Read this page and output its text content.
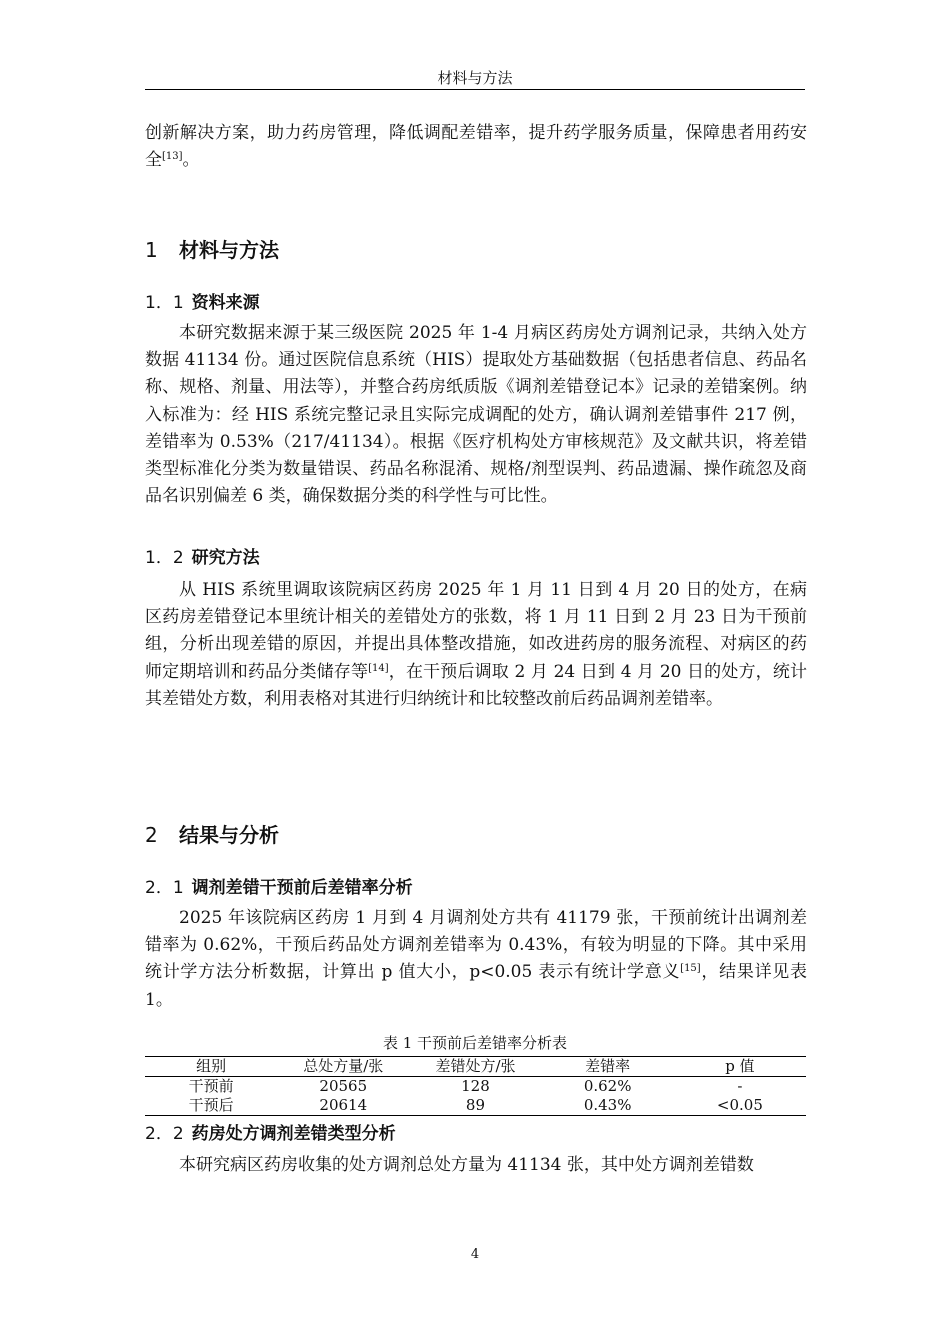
材料与方法

创新解决方案，助力药房管理，降低调配差错率，提升药学服务质量，保障患者用药安全[13]。

1 材料与方法
1．1 资料来源

本研究数据来源于某三级医院 2025 年 1-4 月病区药房处方调剂记录，共纳入处方数据 41134 份。通过医院信息系统（HIS）提取处方基础数据（包括患者信息、药品名称、规格、剂量、用法等），并整合药房纸质版《调剂差错登记本》记录的差错案例。纳入标准为：经 HIS 系统完整记录且实际完成调配的处方，确认调剂差错事件 217 例，差错率为 0.53%（217/41134）。根据《医疗机构处方审核规范》及文献共识，将差错类型标准化分类为数量错误、药品名称混淆、规格/剂型误判、药品遗漏、操作疏忽及商品名识别偏差 6 类，确保数据分类的科学性与可比性。

1．2 研究方法

从 HIS 系统里调取该院病区药房 2025 年 1 月 11 日到 4 月 20 日的处方，在病区药房差错登记本里统计相关的差错处方的张数，将 1 月 11 日到 2 月 23 日为干预前组，分析出现差错的原因，并提出具体整改措施，如改进药房的服务流程、对病区的药师定期培训和药品分类储存等[14]，在干预后调取 2 月 24 日到 4 月 20 日的处方，统计其差错处方数，利用表格对其进行归纳统计和比较整改前后药品调剂差错率。

2 结果与分析
2．1 调剂差错干预前后差错率分析

2025 年该院病区药房 1 月到 4 月调剂处方共有 41179 张，干预前统计出调剂差错率为 0.62%，干预后药品处方调剂差错率为 0.43%，有较为明显的下降。其中采用统计学方法分析数据，计算出 p 值大小，p<0.05 表示有统计学意义[15]，结果详见表 1。

表 1 干预前后差错率分析表
组别	总处方量/张	差错处方/张	差错率	p 值
干预前	20565	128	0.62%	-
干预后	20614	89	0.43%	<0.05
2．2 药房处方调剂差错类型分析

本研究病区药房收集的处方调剂总处方量为 41134 张，其中处方调剂差错数

4
